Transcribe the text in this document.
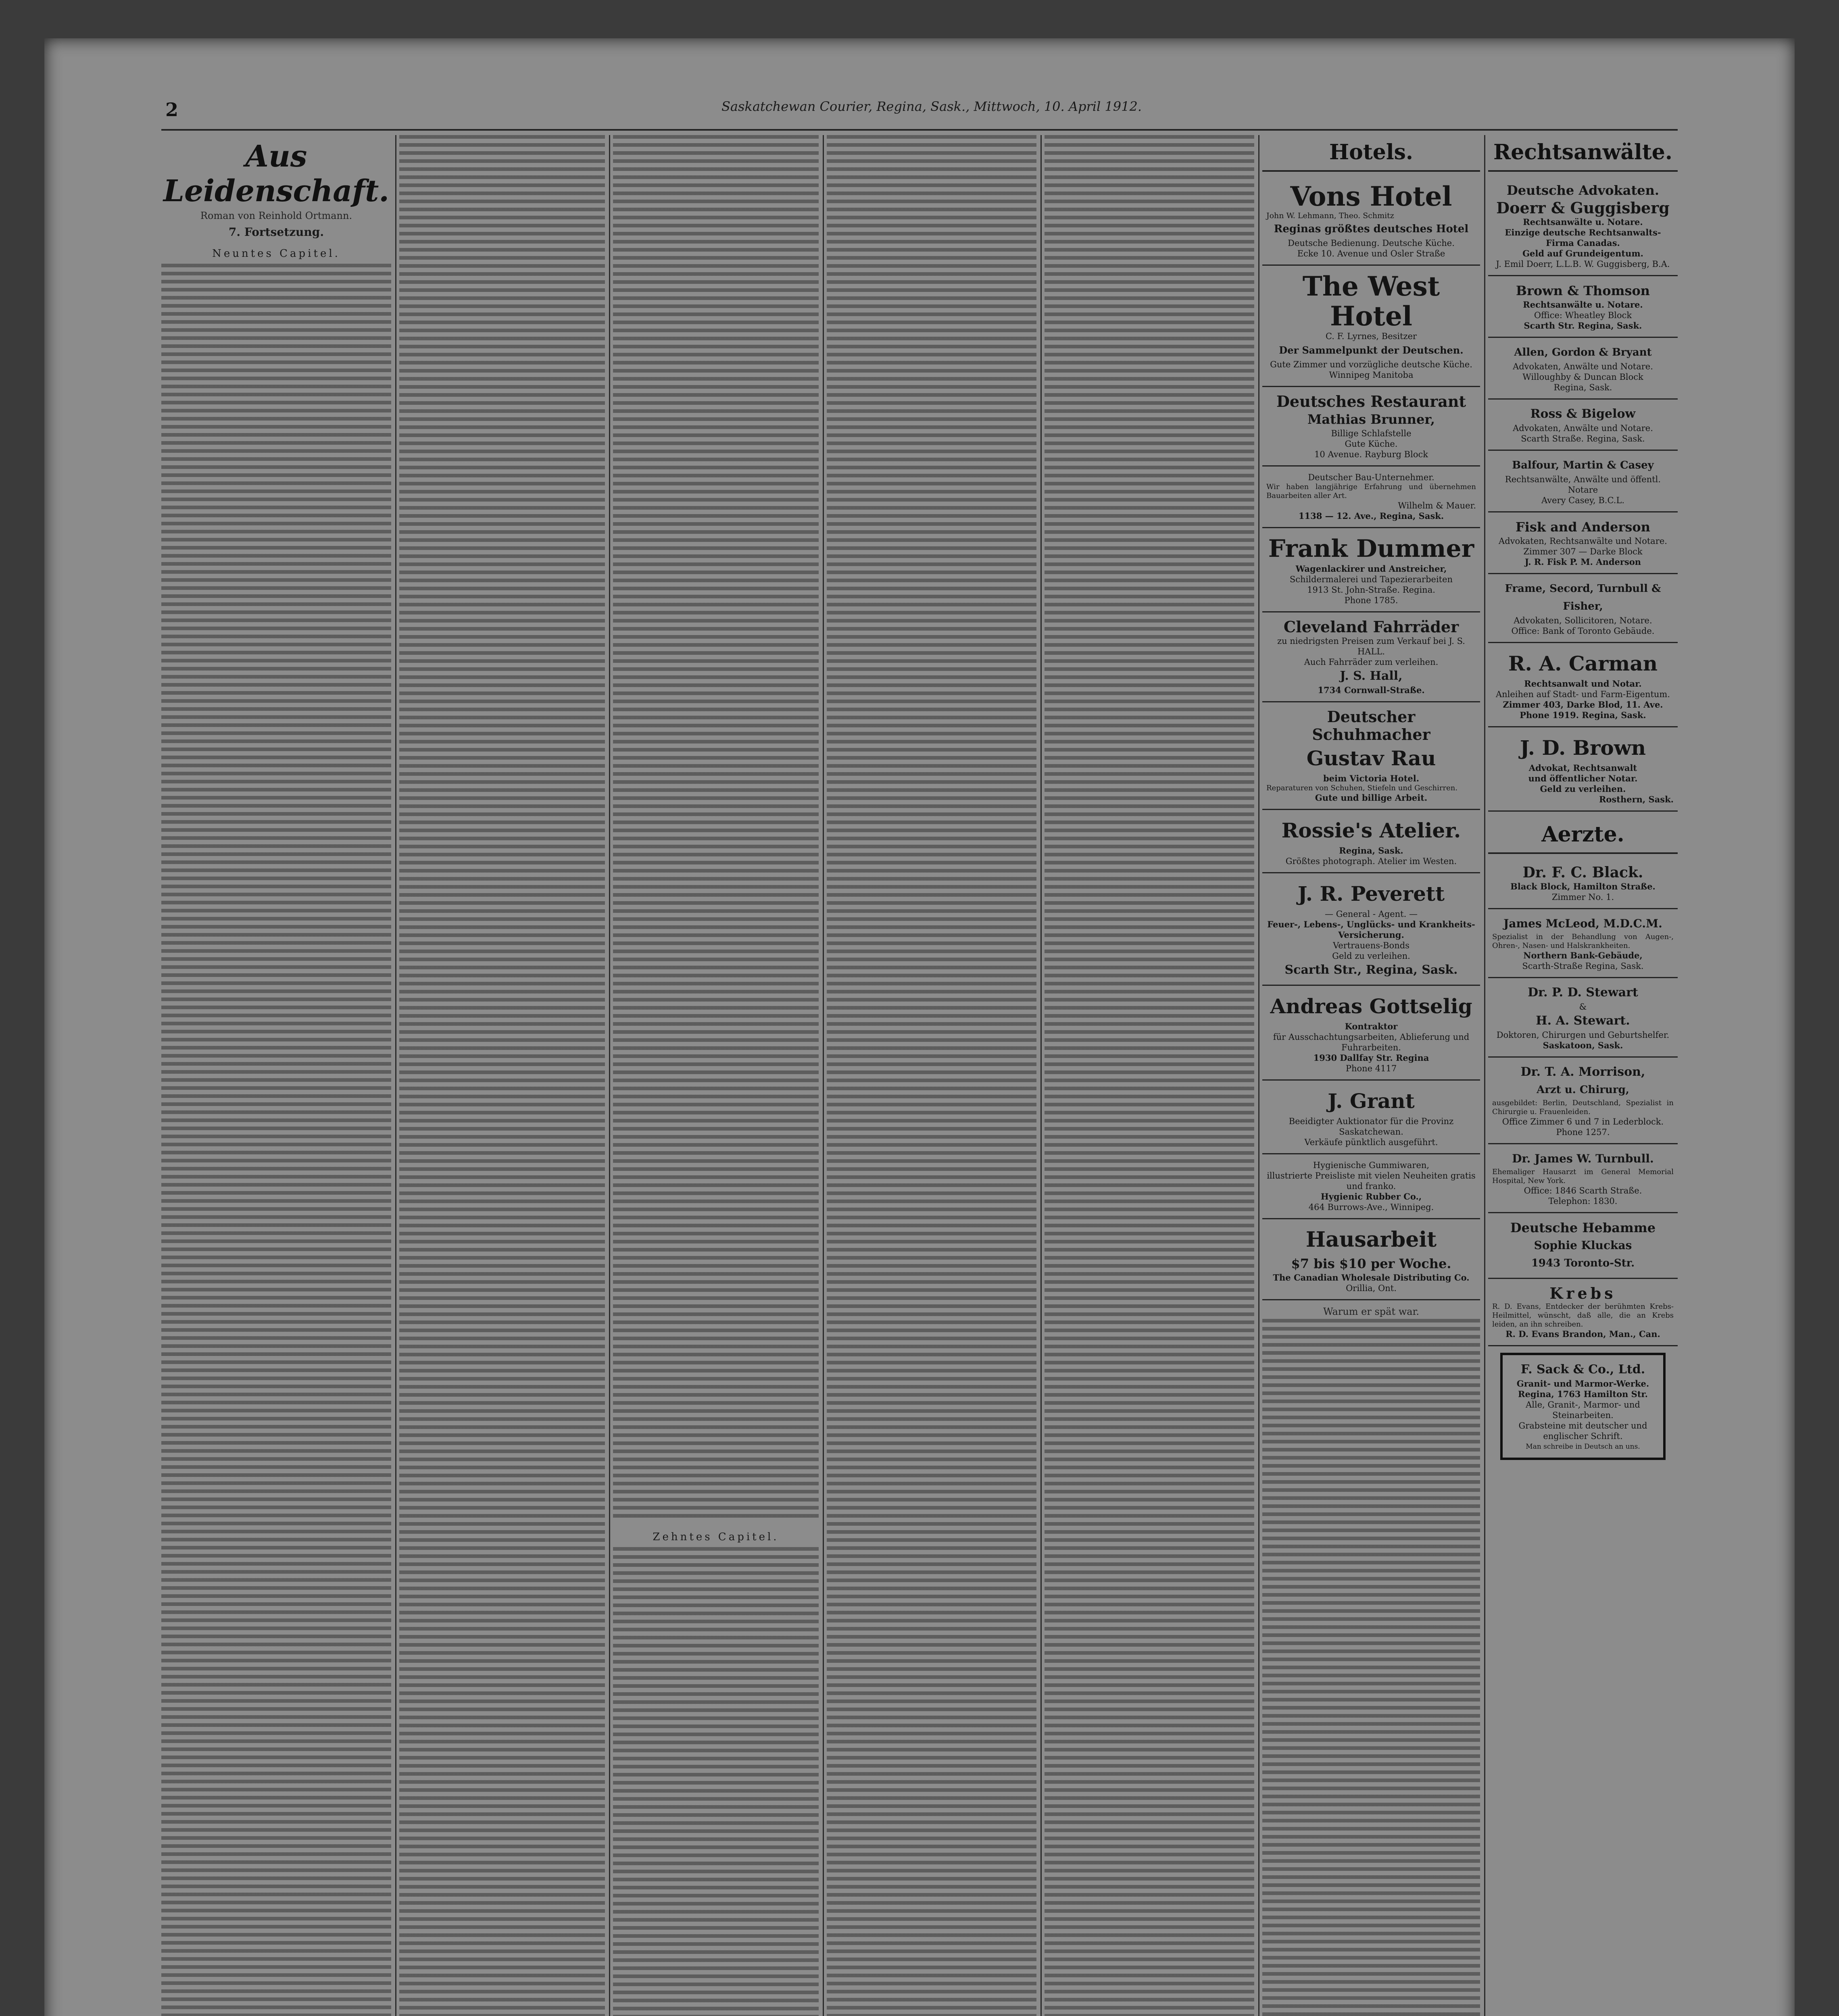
2	Saskatchewan Courier, Regina, Sask., Mittwoch, 10. April 1912.
Aus Leidenschaft.
Roman von Reinhold Ortmann.
7. Fortsetzung.
Neuntes Capitel.
Zehntes Capitel.
Hotels.
Vons Hotel
John W. Lehmann, Theo. Schmitz
Reginas größtes deutsches Hotel
Deutsche Bedienung. Deutsche Küche.
Ecke 10. Avenue und Osler Straße
The West Hotel
C. F. Lyrnes, Besitzer
Der Sammelpunkt der Deutschen.
Gute Zimmer und vorzügliche deutsche Küche.
Winnipeg Manitoba
Deutsches Restaurant
Mathias Brunner,
Billige Schlafstelle
Gute Küche.
10 Avenue. Rayburg Block
Deutscher Bau-Unternehmer.
Wir haben langjährige Erfahrung und übernehmen Bauarbeiten aller Art.
Wilhelm & Mauer.
1138 — 12. Ave., Regina, Sask.
Frank Dummer
Wagenlackirer und Anstreicher,
Schildermalerei und Tapezierarbeiten
1913 St. John-Straße. Regina.
Phone 1785.
Cleveland Fahrräder
zu niedrigsten Preisen zum Verkauf bei J. S. HALL.
Auch Fahrräder zum verleihen.
J. S. Hall,
1734 Cornwall-Straße.
Deutscher Schuhmacher
Gustav Rau
beim Victoria Hotel.
Reparaturen von Schuhen, Stiefeln und Geschirren.
Gute und billige Arbeit.
Rossie's Atelier.
Regina, Sask.
Größtes photograph. Atelier im Westen.
J. R. Peverett
— General - Agent. —
Feuer-, Lebens-, Unglücks- und Krankheits-Versicherung.
Vertrauens-Bonds
Geld zu verleihen.
Scarth Str., Regina, Sask.
Andreas Gottselig
Kontraktor
für Ausschachtungsarbeiten, Ablieferung und Fuhrarbeiten.
1930 Dallfay Str. Regina
Phone 4117
J. Grant
Beeidigter Auktionator für die Provinz Saskatchewan.
Verkäufe pünktlich ausgeführt.
Hygienische Gummiwaren,
illustrierte Preisliste mit vielen Neuheiten gratis und franko.
Hygienic Rubber Co.,
464 Burrows-Ave., Winnipeg.
Hausarbeit
$7 bis $10 per Woche.
The Canadian Wholesale Distributing Co.
Orillia, Ont.
Warum er spät war.
Rechtsanwälte.
Deutsche Advokaten.
Doerr & Guggisberg
Rechtsanwälte u. Notare.
Einzige deutsche Rechtsanwalts-Firma Canadas.
Geld auf Grundeigentum.
J. Emil Doerr, L.L.B. W. Guggisberg, B.A.
Brown & Thomson
Rechtsanwälte u. Notare.
Office: Wheatley Block
Scarth Str. Regina, Sask.
Allen, Gordon & Bryant
Advokaten, Anwälte und Notare.
Willoughby & Duncan Block
Regina, Sask.
Ross & Bigelow
Advokaten, Anwälte und Notare.
Scarth Straße. Regina, Sask.
Balfour, Martin & Casey
Rechtsanwälte, Anwälte und öffentl. Notare
Avery Casey, B.C.L.
Fisk and Anderson
Advokaten, Rechtsanwälte und Notare.
Zimmer 307 — Darke Block
J. R. Fisk P. M. Anderson
Frame, Secord, Turnbull & Fisher,
Advokaten, Sollicitoren, Notare.
Office: Bank of Toronto Gebäude.
R. A. Carman
Rechtsanwalt und Notar.
Anleihen auf Stadt- und Farm-Eigentum.
Zimmer 403, Darke Blod, 11. Ave.
Phone 1919. Regina, Sask.
J. D. Brown
Advokat, Rechtsanwalt
und öffentlicher Notar.
Geld zu verleihen.
Rosthern, Sask.
Aerzte.
Dr. F. C. Black.
Black Block, Hamilton Straße.
Zimmer No. 1.
James McLeod, M.D.C.M.
Spezialist in der Behandlung von Augen-, Ohren-, Nasen- und Halskrankheiten.
Northern Bank-Gebäude,
Scarth-Straße Regina, Sask.
Dr. P. D. Stewart
&
H. A. Stewart.
Doktoren, Chirurgen und Geburtshelfer.
Saskatoon, Sask.
Dr. T. A. Morrison,
Arzt u. Chirurg,
ausgebildet: Berlin, Deutschland, Spezialist in Chirurgie u. Frauenleiden.
Office Zimmer 6 und 7 in Lederblock.
Phone 1257.
Dr. James W. Turnbull.
Ehemaliger Hausarzt im General Memorial Hospital, New York.
Office: 1846 Scarth Straße.
Telephon: 1830.
Deutsche Hebamme
Sophie Kluckas
1943 Toronto-Str.
Krebs
R. D. Evans, Entdecker der berühmten Krebs-Heilmittel, wünscht, daß alle, die an Krebs leiden, an ihn schreiben.
R. D. Evans Brandon, Man., Can.
F. Sack & Co., Ltd.
Granit- und Marmor-Werke.
Regina, 1763 Hamilton Str.
Alle, Granit-, Marmor- und Steinarbeiten.
Grabsteine mit deutscher und englischer Schrift.
Man schreibe in Deutsch an uns.
